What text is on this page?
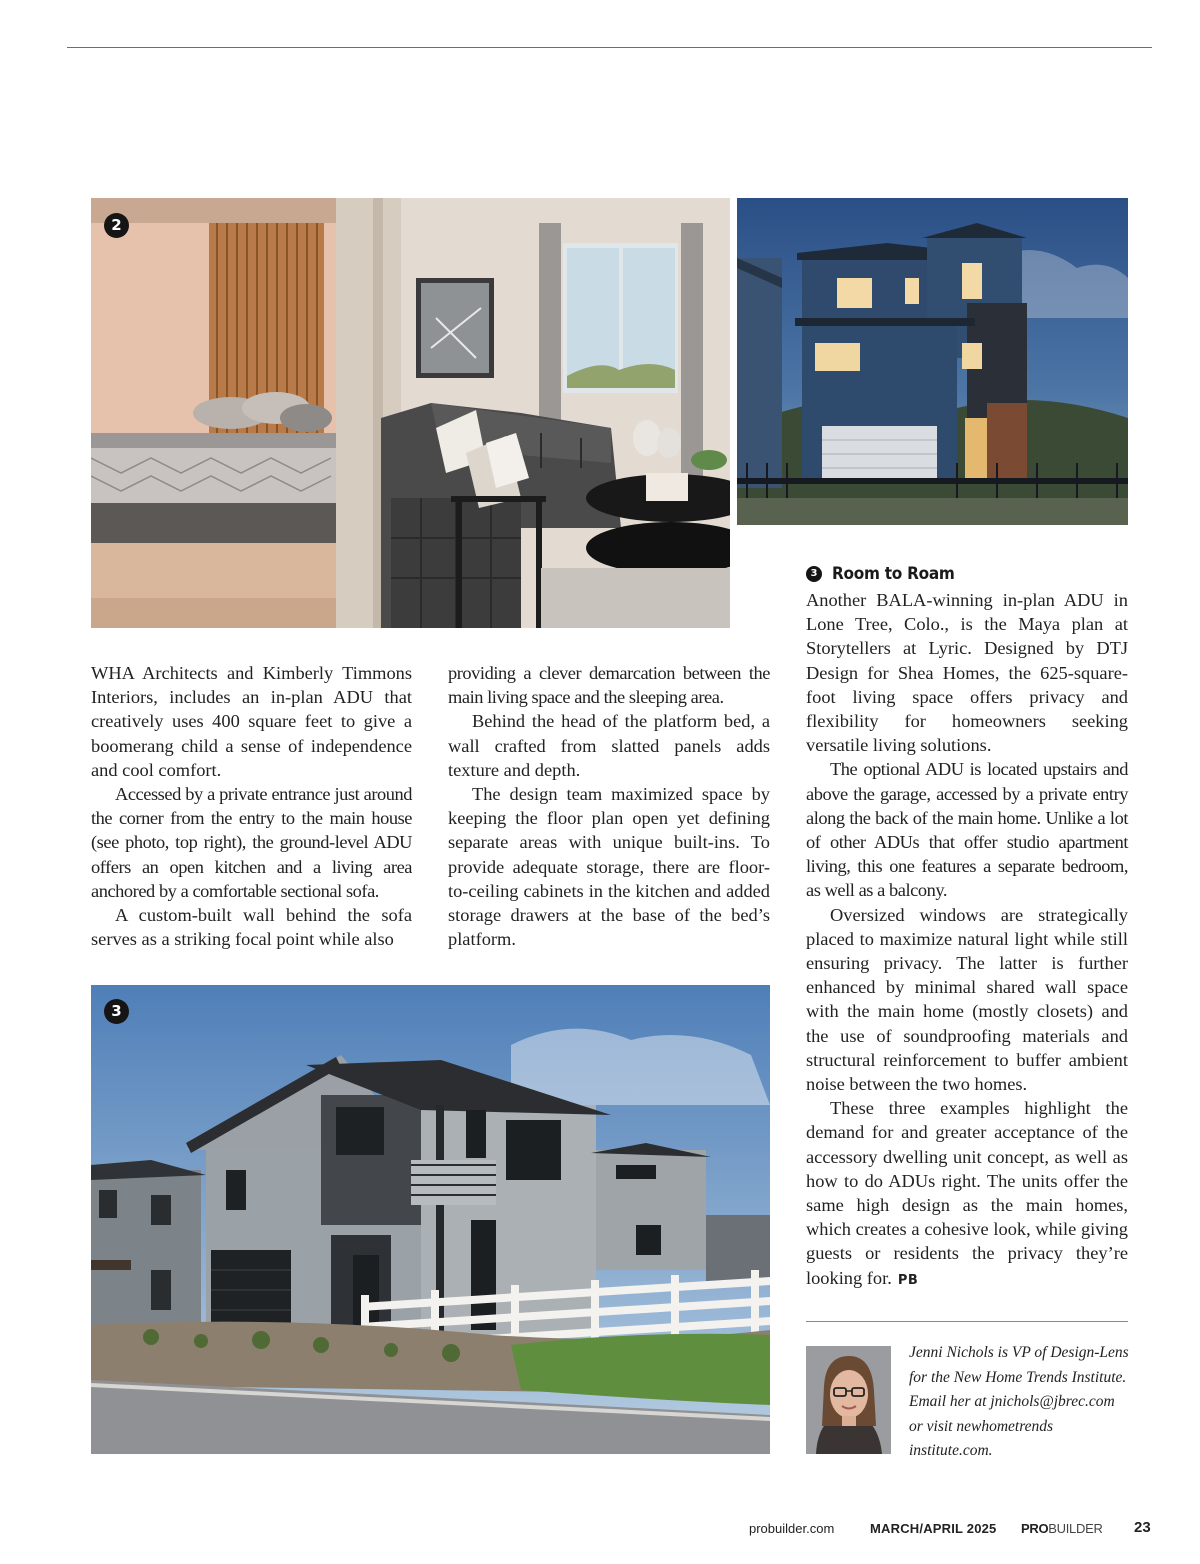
2

WHA Architects and Kimberly Timmons Interiors, includes an in-plan ADU that creatively uses 400 square feet to give a boomerang child a sense of independence and cool comfort.

Accessed by a private entrance just around the corner from the entry to the main house (see photo, top right), the ground-level ADU offers an open kitchen and a living area anchored by a comfortable sectional sofa.

A custom-built wall behind the sofa serves as a striking focal point while also

providing a clever demarcation between the main living space and the sleeping area.

Behind the head of the platform bed, a wall crafted from slatted panels adds texture and depth.

The design team maximized space by keeping the floor plan open yet defining separate areas with unique built-ins. To provide adequate storage, there are floor-to-ceiling cabinets in the kitchen and added storage drawers at the base of the bed’s platform.

3
3 Room to Roam

Another BALA-winning in-plan ADU in Lone Tree, Colo., is the Maya plan at Storytellers at Lyric. Designed by DTJ Design for Shea Homes, the 625-square-foot living space offers privacy and flexibility for homeowners seeking versatile living solutions.

The optional ADU is located upstairs and above the garage, accessed by a private entry along the back of the main home. Unlike a lot of other ADUs that offer studio apartment living, this one features a separate bedroom, as well as a balcony.

Oversized windows are strategically placed to maximize natural light while still ensuring privacy. The latter is further enhanced by minimal shared wall space with the main home (mostly closets) and the use of soundproofing materials and structural reinforcement to buffer ambient noise between the two homes.

These three examples highlight the demand for and greater acceptance of the accessory dwelling unit concept, as well as how to do ADUs right. The units offer the same high design as the main homes, which creates a cohesive look, while giving guests or residents the privacy they’re looking for. PB

Jenni Nichols is VP of Design-Lens for the New Home Trends Institute. Email her at jnichols@jbrec.com or visit newhometrends institute.com.
probuilder.com	MARCH/APRIL 2025 PROBUILDER 23
